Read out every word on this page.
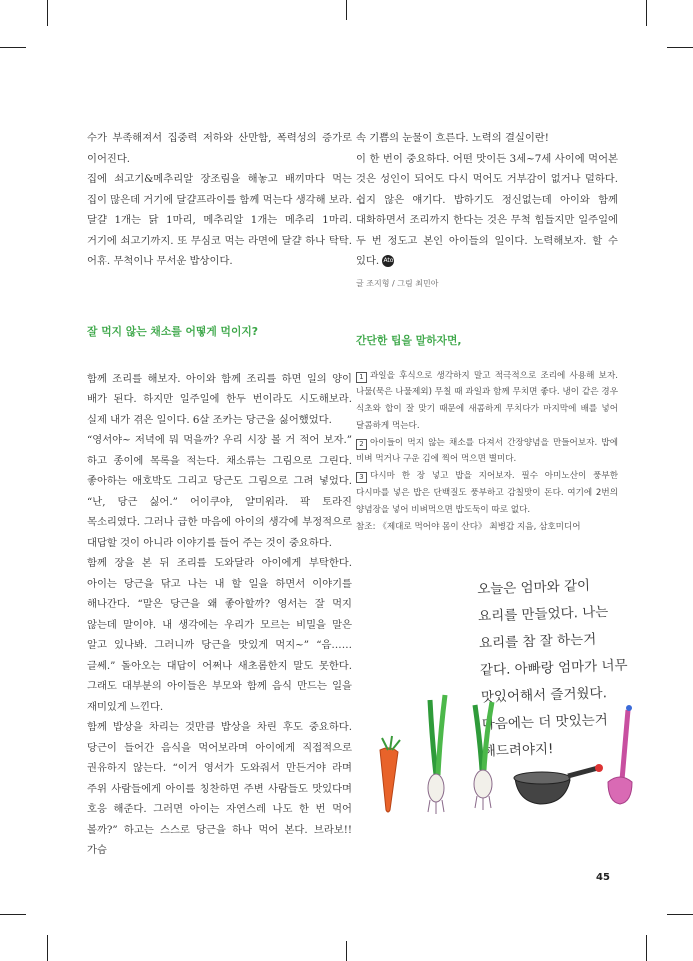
수가 부족해져서 집중력 저하와 산만함, 폭력성의 증가로 이어진다.

집에 쇠고기&메추리알 장조림을 해놓고 배끼마다 먹는 집이 많은데 거기에 달걀프라이를 함께 먹는다 생각해 보라. 달걀 1개는 닭 1마리, 메추리알 1개는 메추리 1마리. 거기에 쇠고기까지. 또 무심코 먹는 라면에 달걀 하나 탁탁. 어휴. 무척이나 무서운 밥상이다.

잘 먹지 않는 채소를 어떻게 먹이지?

함께 조리를 해보자. 아이와 함께 조리를 하면 일의 양이 배가 된다. 하지만 일주일에 한두 번이라도 시도해보라. 실제 내가 겪은 일이다. 6살 조카는 당근을 싫어했었다.

“영서야~ 저녁에 뭐 먹을까? 우리 시장 볼 거 적어 보자.” 하고 종이에 목록을 적는다. 채소류는 그림으로 그린다. 좋아하는 애호박도 그리고 당근도 그림으로 그려 넣었다. “난, 당근 싫어.” 어이쿠야, 얄미워라. 팍 토라진 목소리였다. 그러나 급한 마음에 아이의 생각에 부정적으로 대답할 것이 아니라 이야기를 들어 주는 것이 중요하다.

함께 장을 본 뒤 조리를 도와달라 아이에게 부탁한다. 아이는 당근을 닦고 나는 내 할 일을 하면서 이야기를 해나간다. “말은 당근을 왜 좋아할까? 영서는 잘 먹지 않는데 말이야. 내 생각에는 우리가 모르는 비밀을 말은 알고 있나봐. 그러니까 당근을 맛있게 먹지~” “음…… 글쎄.” 돌아오는 대답이 어쩌나 새초롬한지 말도 못한다. 그래도 대부분의 아이들은 부모와 함께 음식 만드는 일을 재미있게 느낀다.

함께 밥상을 차리는 것만큼 밥상을 차린 후도 중요하다. 당근이 들어간 음식을 먹어보라며 아이에게 직접적으로 권유하지 않는다. “이거 영서가 도와줘서 만든거야 라며 주위 사람들에게 아이를 칭찬하면 주변 사람들도 맛있다며 호응 해준다. 그러면 아이는 자연스레 나도 한 번 먹어 볼까?” 하고는 스스로 당근을 하나 먹어 본다. 브라보!! 가슴

속 기쁨의 눈물이 흐른다. 노력의 결실이란!

이 한 번이 중요하다. 어떤 맛이든 3세~7세 사이에 먹어본 것은 성인이 되어도 다시 먹어도 거부감이 없거나 덜하다. 쉽지 않은 얘기다. 밥하기도 정신없는데 아이와 함께 대화하면서 조리까지 한다는 것은 무척 힘들지만 일주일에 두 번 정도고 본인 아이들의 일이다. 노력해보자. 할 수 있다. Ato

글 조지형 / 그림 최민아

간단한 팁을 말하자면,

1 과일을 후식으로 생각하지 말고 적극적으로 조리에 사용해 보자. 나물(묵은 나물제외) 무칠 때 과일과 함께 무치면 좋다. 냉이 같은 경우 식초와 합이 잘 맞기 때문에 새콤하게 무치다가 마지막에 배를 넣어 달콤하게 먹는다.

2 아이들이 먹지 않는 채소를 다져서 간장양념을 만들어보자. 밥에 비벼 먹거나 구운 김에 찍어 먹으면 별미다.

3 다시마 한 장 넣고 밥을 지어보자. 필수 아미노산이 풍부한 다시마를 넣은 밥은 단백질도 풍부하고 감칠맛이 돈다. 여기에 2번의 양념장을 넣어 비벼먹으면 밥도둑이 따로 없다.

참조: 《제대로 먹어야 몸이 산다》 최병갑 지음, 삼호미디어

오늘은 엄마와 같이 요리를 만들었다. 나는 요리를 참 잘 하는거 같다. 아빠랑 엄마가 너무 맛있어해서 즐거웠다. 다음에는 더 맛있는거 해드려야지!
45
